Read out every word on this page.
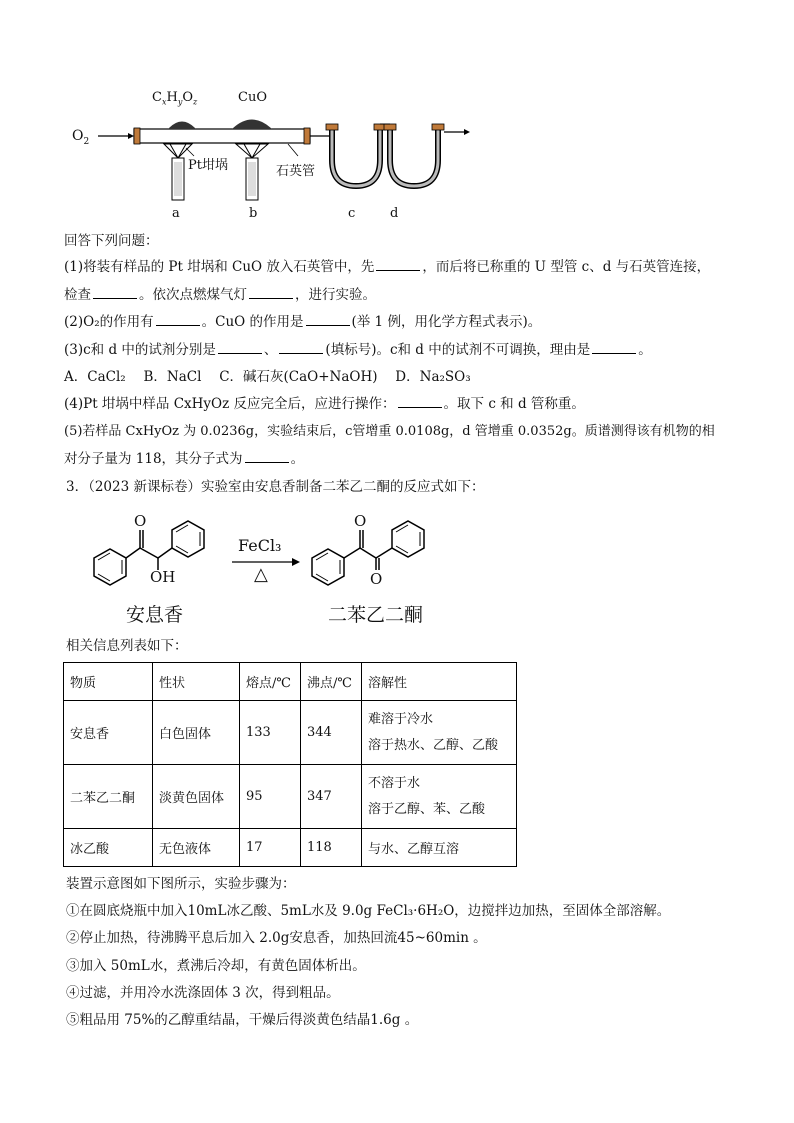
$O_2$
$C_xH_yO_z$	CuO
Pt坩埚	石英管
a	b	c	d
回答下列问题：
(1)将装有样品的 Pt 坩埚和 CuO 放入石英管中，先	，而后将已称重的 U 型管 c、d 与石英管连接，
检查	。依次点燃煤气灯	，进行实验。
(2)O₂的作用有	。CuO 的作用是	(举 1 例，用化学方程式表示)。
(3)c和 d 中的试剂分别是	、	(填标号)。c和 d 中的试剂不可调换，理由是	。
A．CaCl₂　 B．NaCl　 C．碱石灰(CaO+NaOH)　 D．Na₂SO₃
(4)Pt 坩埚中样品 CxHyOz 反应完全后，应进行操作：	。取下 c 和 d 管称重。
(5)若样品 CxHyOz 为 0.0236g，实验结束后，c管增重 0.0108g，d 管增重 0.0352g。质谱测得该有机物的相
对分子量为 118，其分子式为	。
3．（2023 新课标卷）实验室由安息香制备二苯乙二酮的反应式如下：
O
OH
FeCl₃
△
O
O
安息香	二苯乙二酮
相关信息列表如下：
物质	性状	熔点/℃	沸点/℃	溶解性
安息香	白色固体	133	344	难溶于冷水
溶于热水、乙醇、乙酸

二苯乙二酮	淡黄色固体	95	347	不溶于水
溶于乙醇、苯、乙酸

冰乙酸	无色液体	17	118	与水、乙醇互溶
装置示意图如下图所示，实验步骤为：
①在圆底烧瓶中加入10mL冰乙酸、5mL水及 9.0g FeCl₃·6H₂O，边搅拌边加热，至固体全部溶解。
②停止加热，待沸腾平息后加入 2.0g安息香，加热回流45~60min 。
③加入 50mL水，煮沸后冷却，有黄色固体析出。
④过滤，并用冷水洗涤固体 3 次，得到粗品。
⑤粗品用 75%的乙醇重结晶，干燥后得淡黄色结晶1.6g 。
